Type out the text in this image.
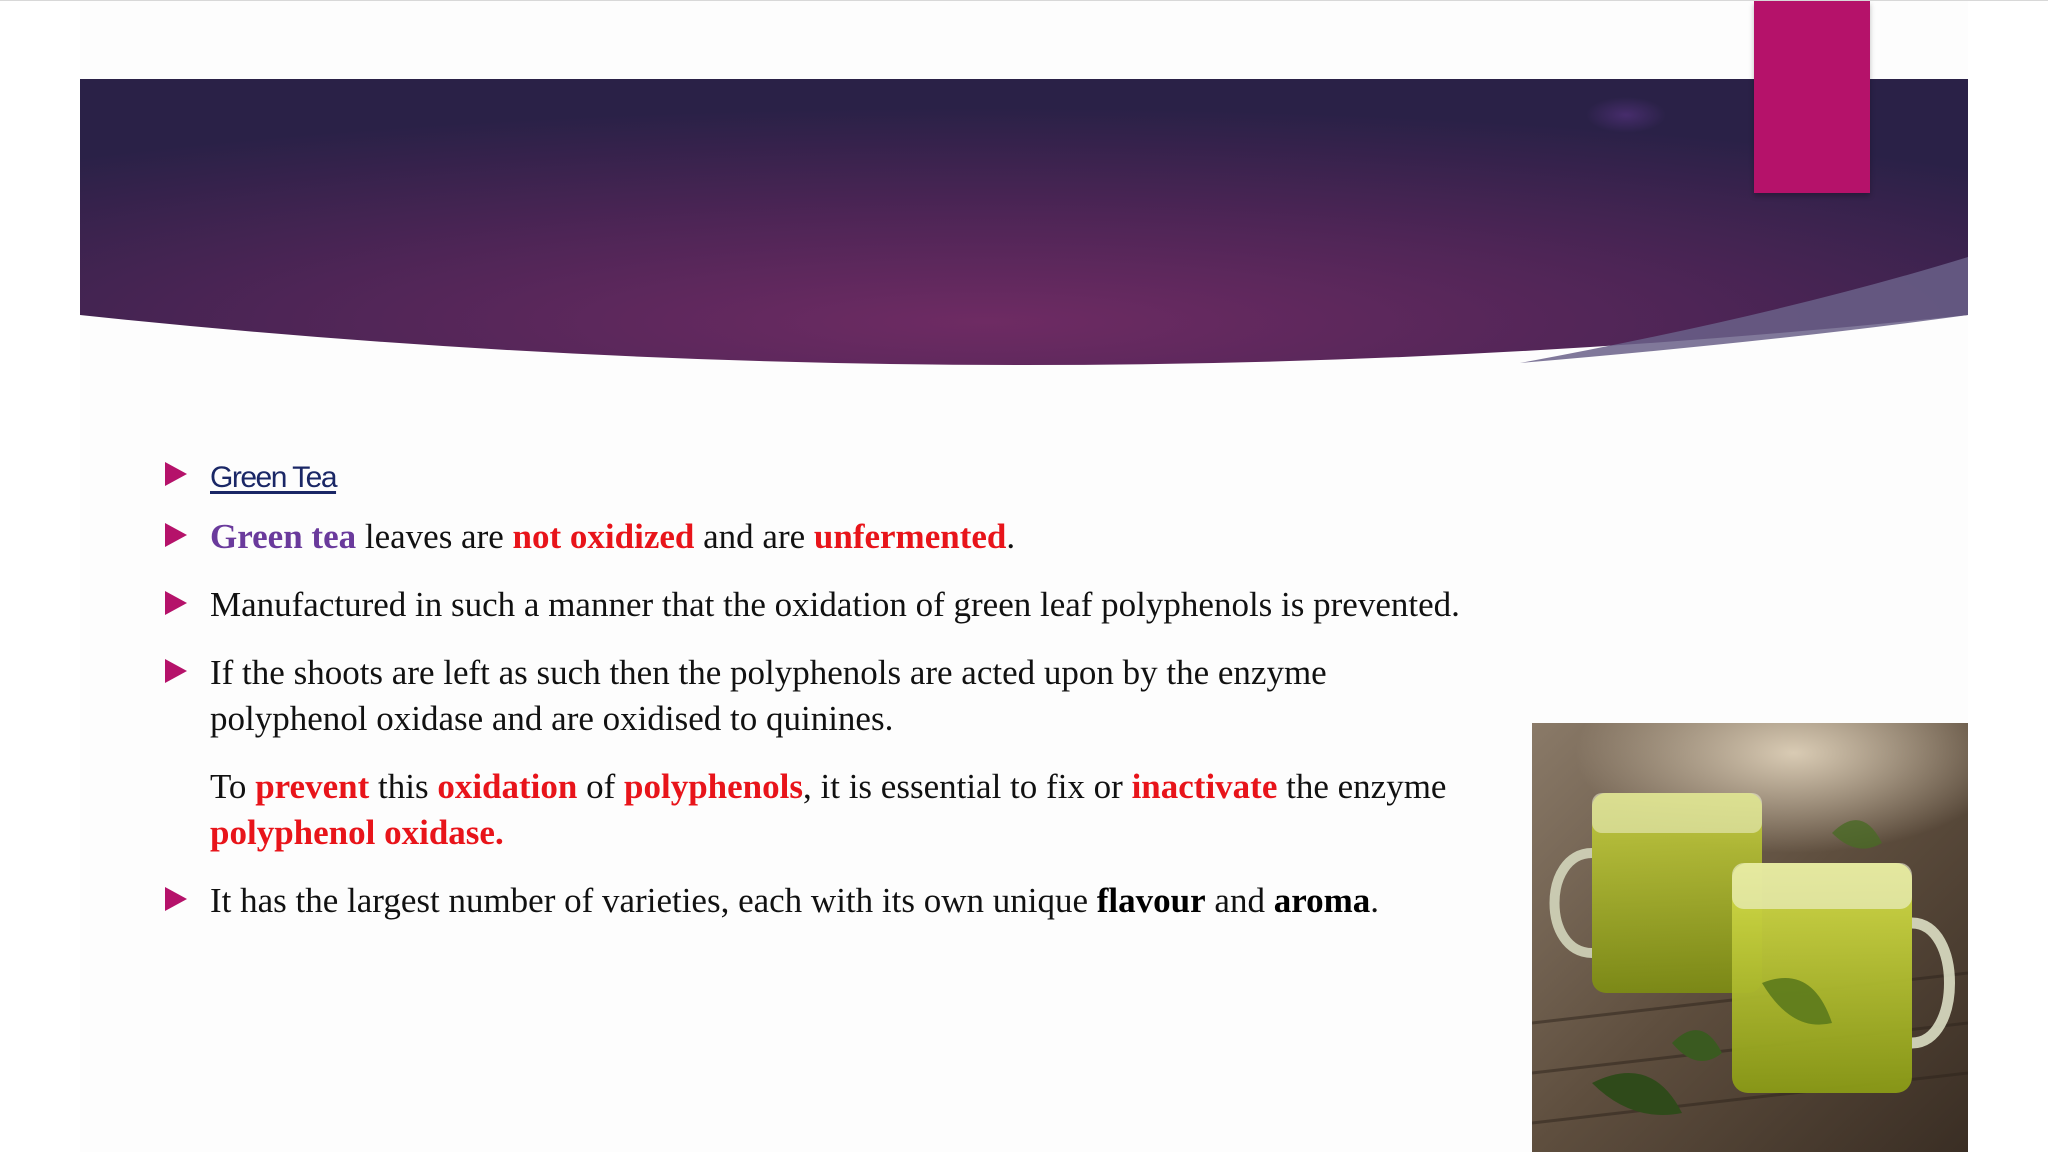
Green Tea
Green tea leaves are not oxidized and are unfermented.
Manufactured in such a manner that the oxidation of green leaf polyphenols is prevented.
If the shoots are left as such then the polyphenols are acted upon by the enzyme
polyphenol oxidase and are oxidised to quinines.
To prevent this oxidation of polyphenols, it is essential to fix or inactivate the enzyme
polyphenol oxidase.
It has the largest number of varieties, each with its own unique flavour and aroma.
